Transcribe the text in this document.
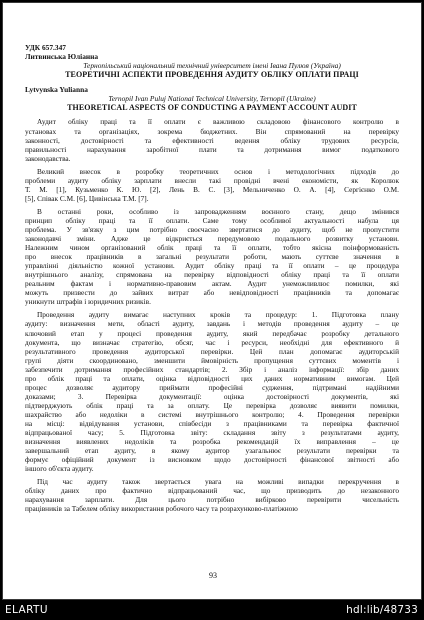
УДК 657.347
Литвинська Юліанна
Тернопільський національний технічний університет імені Івана Пулюя (Україна)
ТЕОРЕТИЧНІ АСПЕКТИ ПРОВЕДЕННЯ АУДИТУ ОБЛІКУ ОПЛАТИ ПРАЦІ
Lytvynska Yulianna
Ternopil Ivan Puluj National Technical University, Ternopil (Ukraine)
THEORETICAL ASPECTS OF CONDUCTING A PAYMENT ACCOUNT AUDIT
Аудит обліку праці та її оплати є важливою складовою фінансового контролю в
установах та організаціях, зокрема бюджетних. Він спрямований на перевірку
законності, достовірності та ефективності ведення обліку трудових ресурсів,
правильності нарахування заробітної плати та дотримання вимог податкового
законодавства.
Великий внесок в розробку теоретичних основ і методологічних підходів до
проблеми аудиту обліку зарплати внесли такі провідні вчені економісти, як Королюк
Т. М. [1], Кузьменко К. Ю. [2], Лень В. С. [3], Мельниченко О. А. [4], Сергієнко О.М.
[5], Співак С.М. [6], Цивінська Т.М. [7].
В останні роки, особливо із запровадженням воєнного стану, дещо змінився
принцип обліку праці та її оплати. Саме тому особливої актуальності набула ця
проблема. У зв'язку з цим потрібно своєчасно звертатися до аудиту, щоб не пропустити
законодавчі зміни. Адже це відкриється передумовою подального розвитку установи.
Належним чином організований облік праці та її оплати, тобто якісна поінформованість
про внесок працівників в загальні результати роботи, мають суттєве значення в
управлінні діяльністю кожної установи. Аудит обліку праці та її оплати – це процедура
внутрішнього аналізу, спрямована на перевірку відповідності обліку праці та її оплати
реальним фактам і нормативно-правовим актам. Аудит унеможливлює помилки, які
можуть призвести до зайвих витрат або невідповідності працівників та допомагає
уникнути штрафів і юридичних ризиків.
Проведення аудиту вимагає наступних кроків та процедур: 1. Підготовка плану
аудиту: визначення мети, області аудиту, завдань і методів проведення аудиту – це
ключовий етап у процесі проведення аудиту, який передбачає розробку детального
документа, що визначає стратегію, обсяг, час і ресурси, необхідні для ефективного й
результативного проведення аудиторської перевірки. Цей план допомагає аудиторській
групі діяти скоординовано, зменшити ймовірність пропущення суттєвих моментів і
забезпечити дотримання професійних стандартів; 2. Збір і аналіз інформації: збір даних
про облік праці та оплати, оцінка відповідності цих даних нормативним вимогам. Цей
процес дозволяє аудитору приймати професійні судження, підтримані надійними
доказами; 3. Перевірка документації: оцінка достовірності документів, які
підтверджують облік праці та за оплату. Це перевірка дозволяє виявити помилки,
шахрайство або недоліки в системі внутрішнього контролю; 4. Проведення перевірки
на місці: відвідування установи, співбесіди з працівниками та перевірка фактичної
відпрацьованої часу; 5. Підготовка звіту: складання звіту з результатами аудиту,
визначення виявлених недоліків та розробка рекомендацій їх виправлення – це
завершальний етап аудиту, в якому аудитор узагальнює результати перевірки та
формує офіційний документ із висновком щодо достовірності фінансової звітності або
іншого об'єкта аудиту.
Під час аудиту також звертається увага на можливі випадки перекручення в
обліку даних про фактично відпрацьований час, що призводить до незаконного
нарахування зарплати. Для цього потрібно вибірково перевірити чисельність
працівників за Табелем обліку використання робочого часу та розрахунково-платіжною
93
ELARTU	hdl:lib/48733
